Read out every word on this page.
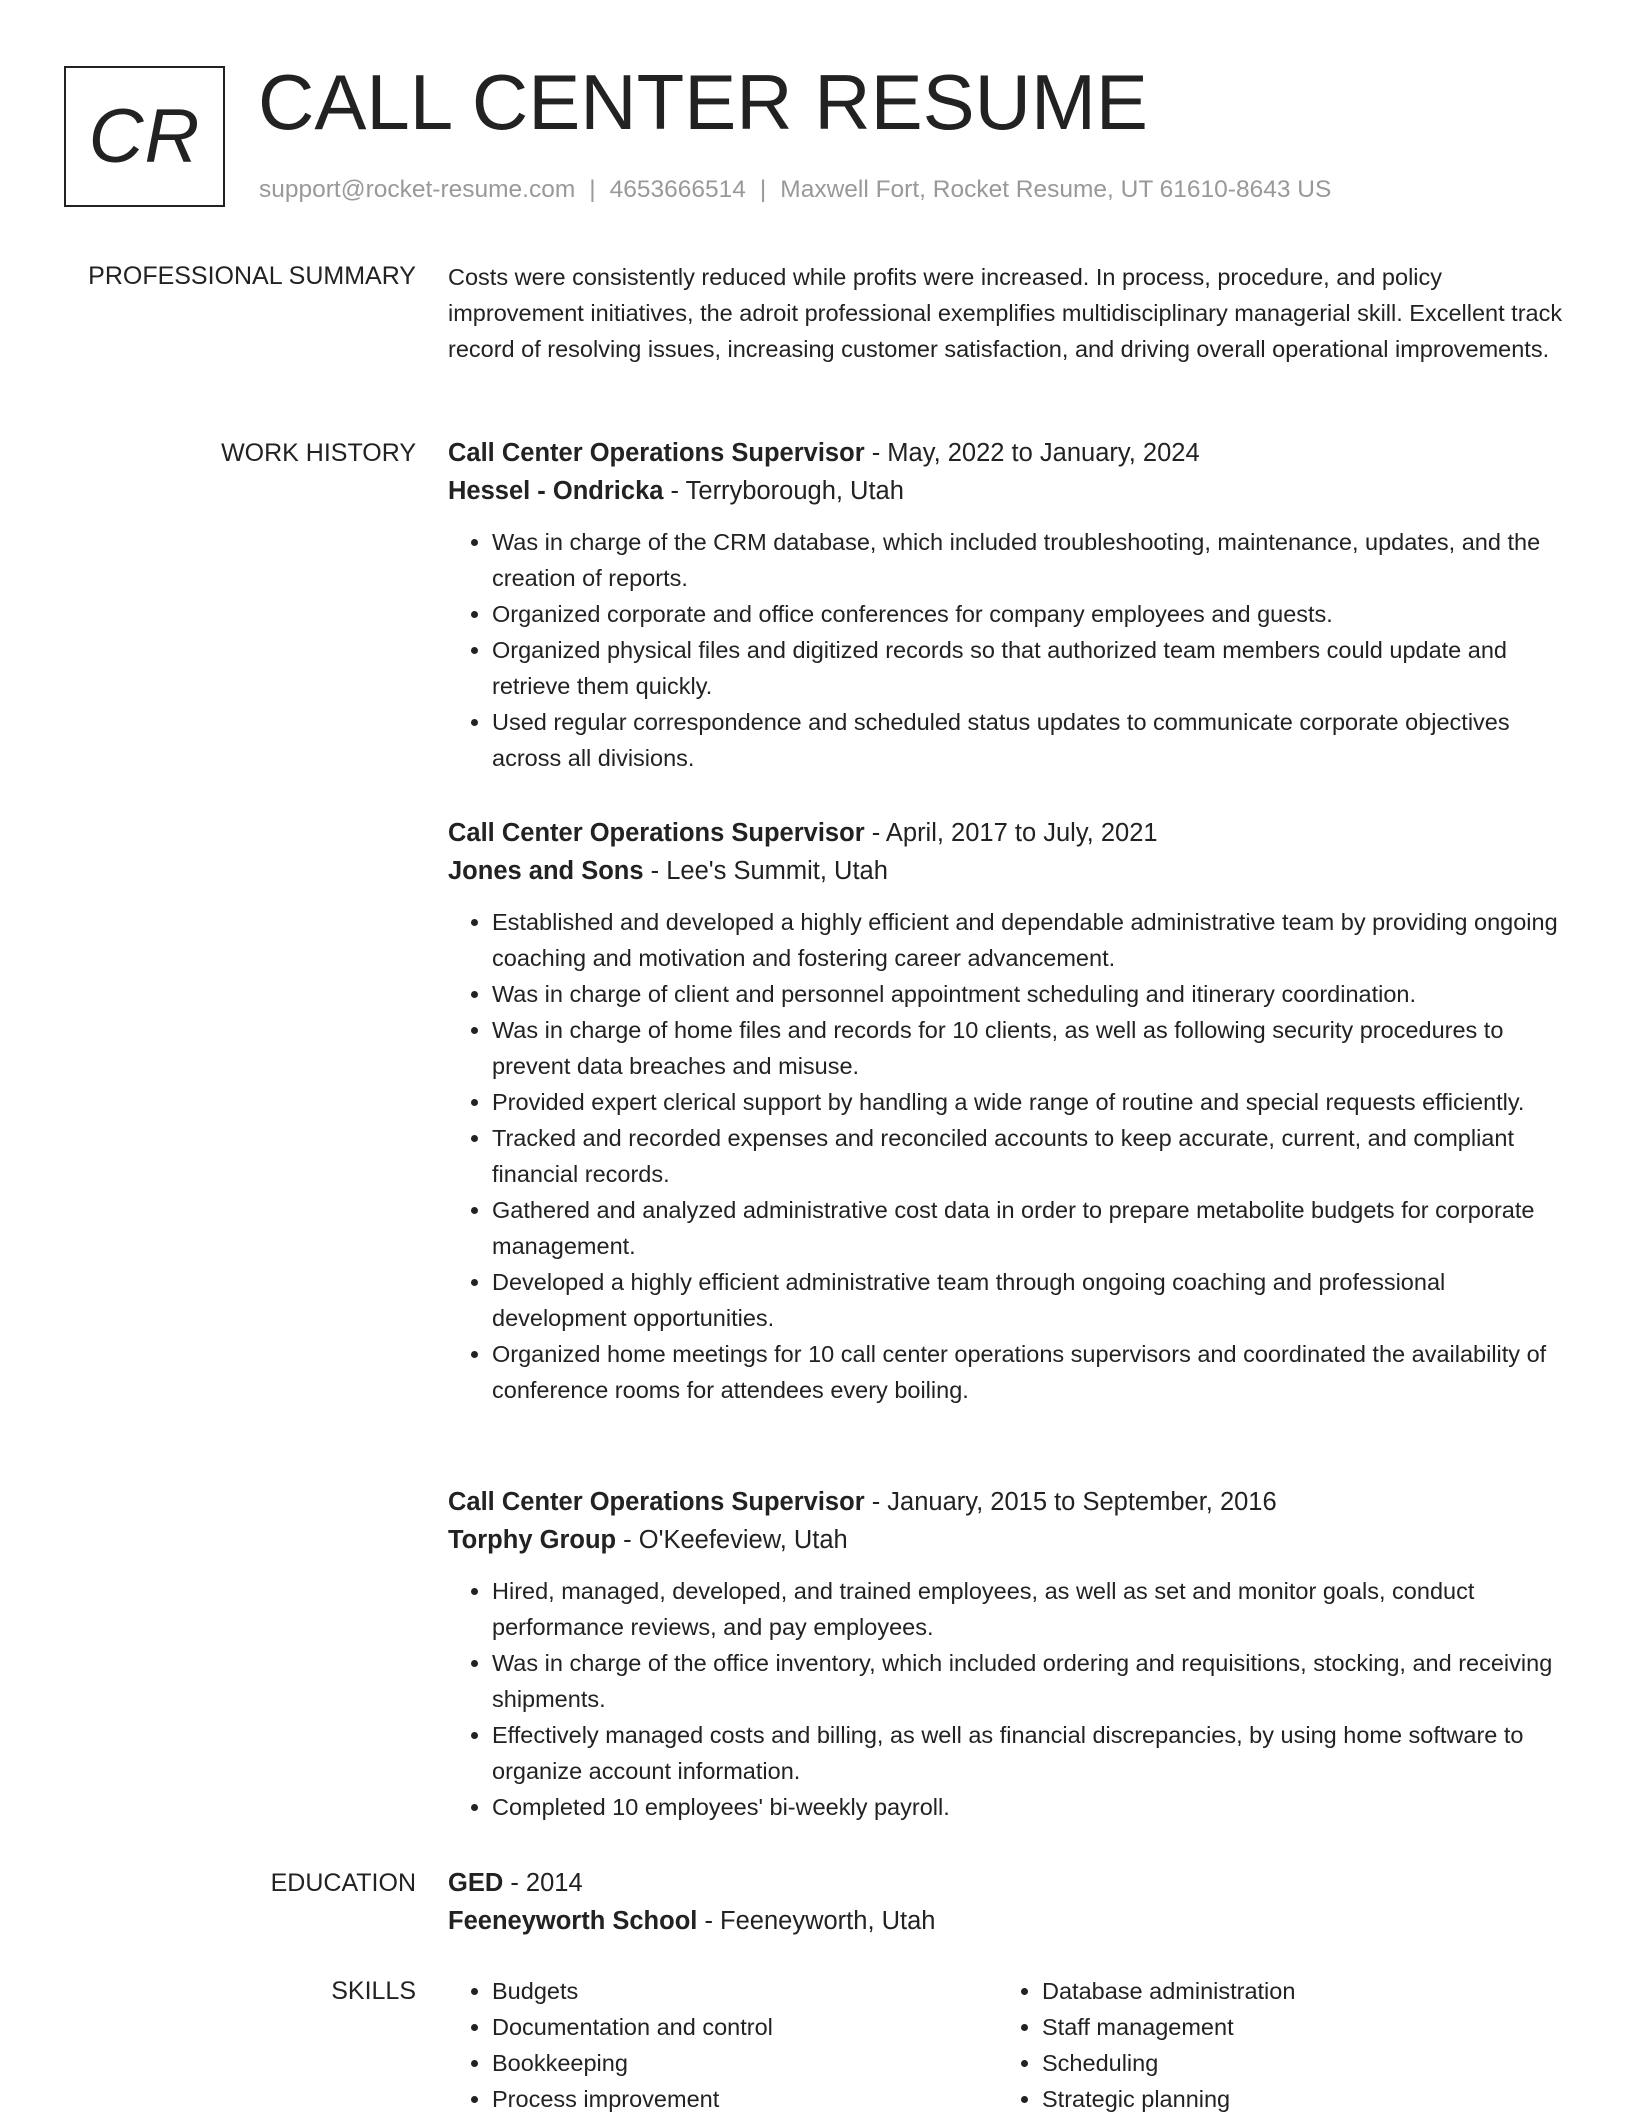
CR CALL CENTER RESUME
support@rocket-resume.com | 4653666514 | Maxwell Fort, Rocket Resume, UT 61610-8643 US
PROFESSIONAL SUMMARY Costs were consistently reduced while profits were increased. In process, procedure, and policy improvement initiatives, the adroit professional exemplifies multidisciplinary managerial skill. Excellent track record of resolving issues, increasing customer satisfaction, and driving overall operational improvements.

WORK HISTORY Call Center Operations Supervisor - May, 2022 to January, 2024

Hessel - Ondricka - Terryborough, Utah

• Was in charge of the CRM database, which included troubleshooting, maintenance, updates, and the creation of reports.
• Organized corporate and office conferences for company employees and guests.
• Organized physical files and digitized records so that authorized team members could update and retrieve them quickly.
• Used regular correspondence and scheduled status updates to communicate corporate objectives across all divisions.

Call Center Operations Supervisor - April, 2017 to July, 2021

Jones and Sons - Lee's Summit, Utah

• Established and developed a highly efficient and dependable administrative team by providing ongoing coaching and motivation and fostering career advancement.
• Was in charge of client and personnel appointment scheduling and itinerary coordination.
• Was in charge of home files and records for 10 clients, as well as following security procedures to prevent data breaches and misuse.
• Provided expert clerical support by handling a wide range of routine and special requests efficiently.
• Tracked and recorded expenses and reconciled accounts to keep accurate, current, and compliant financial records.
• Gathered and analyzed administrative cost data in order to prepare metabolite budgets for corporate management.
• Developed a highly efficient administrative team through ongoing coaching and professional development opportunities.
• Organized home meetings for 10 call center operations supervisors and coordinated the availability of conference rooms for attendees every boiling.

Call Center Operations Supervisor - January, 2015 to September, 2016

Torphy Group - O'Keefeview, Utah

• Hired, managed, developed, and trained employees, as well as set and monitor goals, conduct performance reviews, and pay employees.
• Was in charge of the office inventory, which included ordering and requisitions, stocking, and receiving shipments.
• Effectively managed costs and billing, as well as financial discrepancies, by using home software to organize account information.
• Completed 10 employees' bi-weekly payroll.
EDUCATION GED - 2014

Feeneyworth School - Feeneyworth, Utah

SKILLS
•	Budgets
• Documentation and control
• Bookkeeping
• Process improvement
• Database administration
• Staff management
• Scheduling
• Strategic planning
